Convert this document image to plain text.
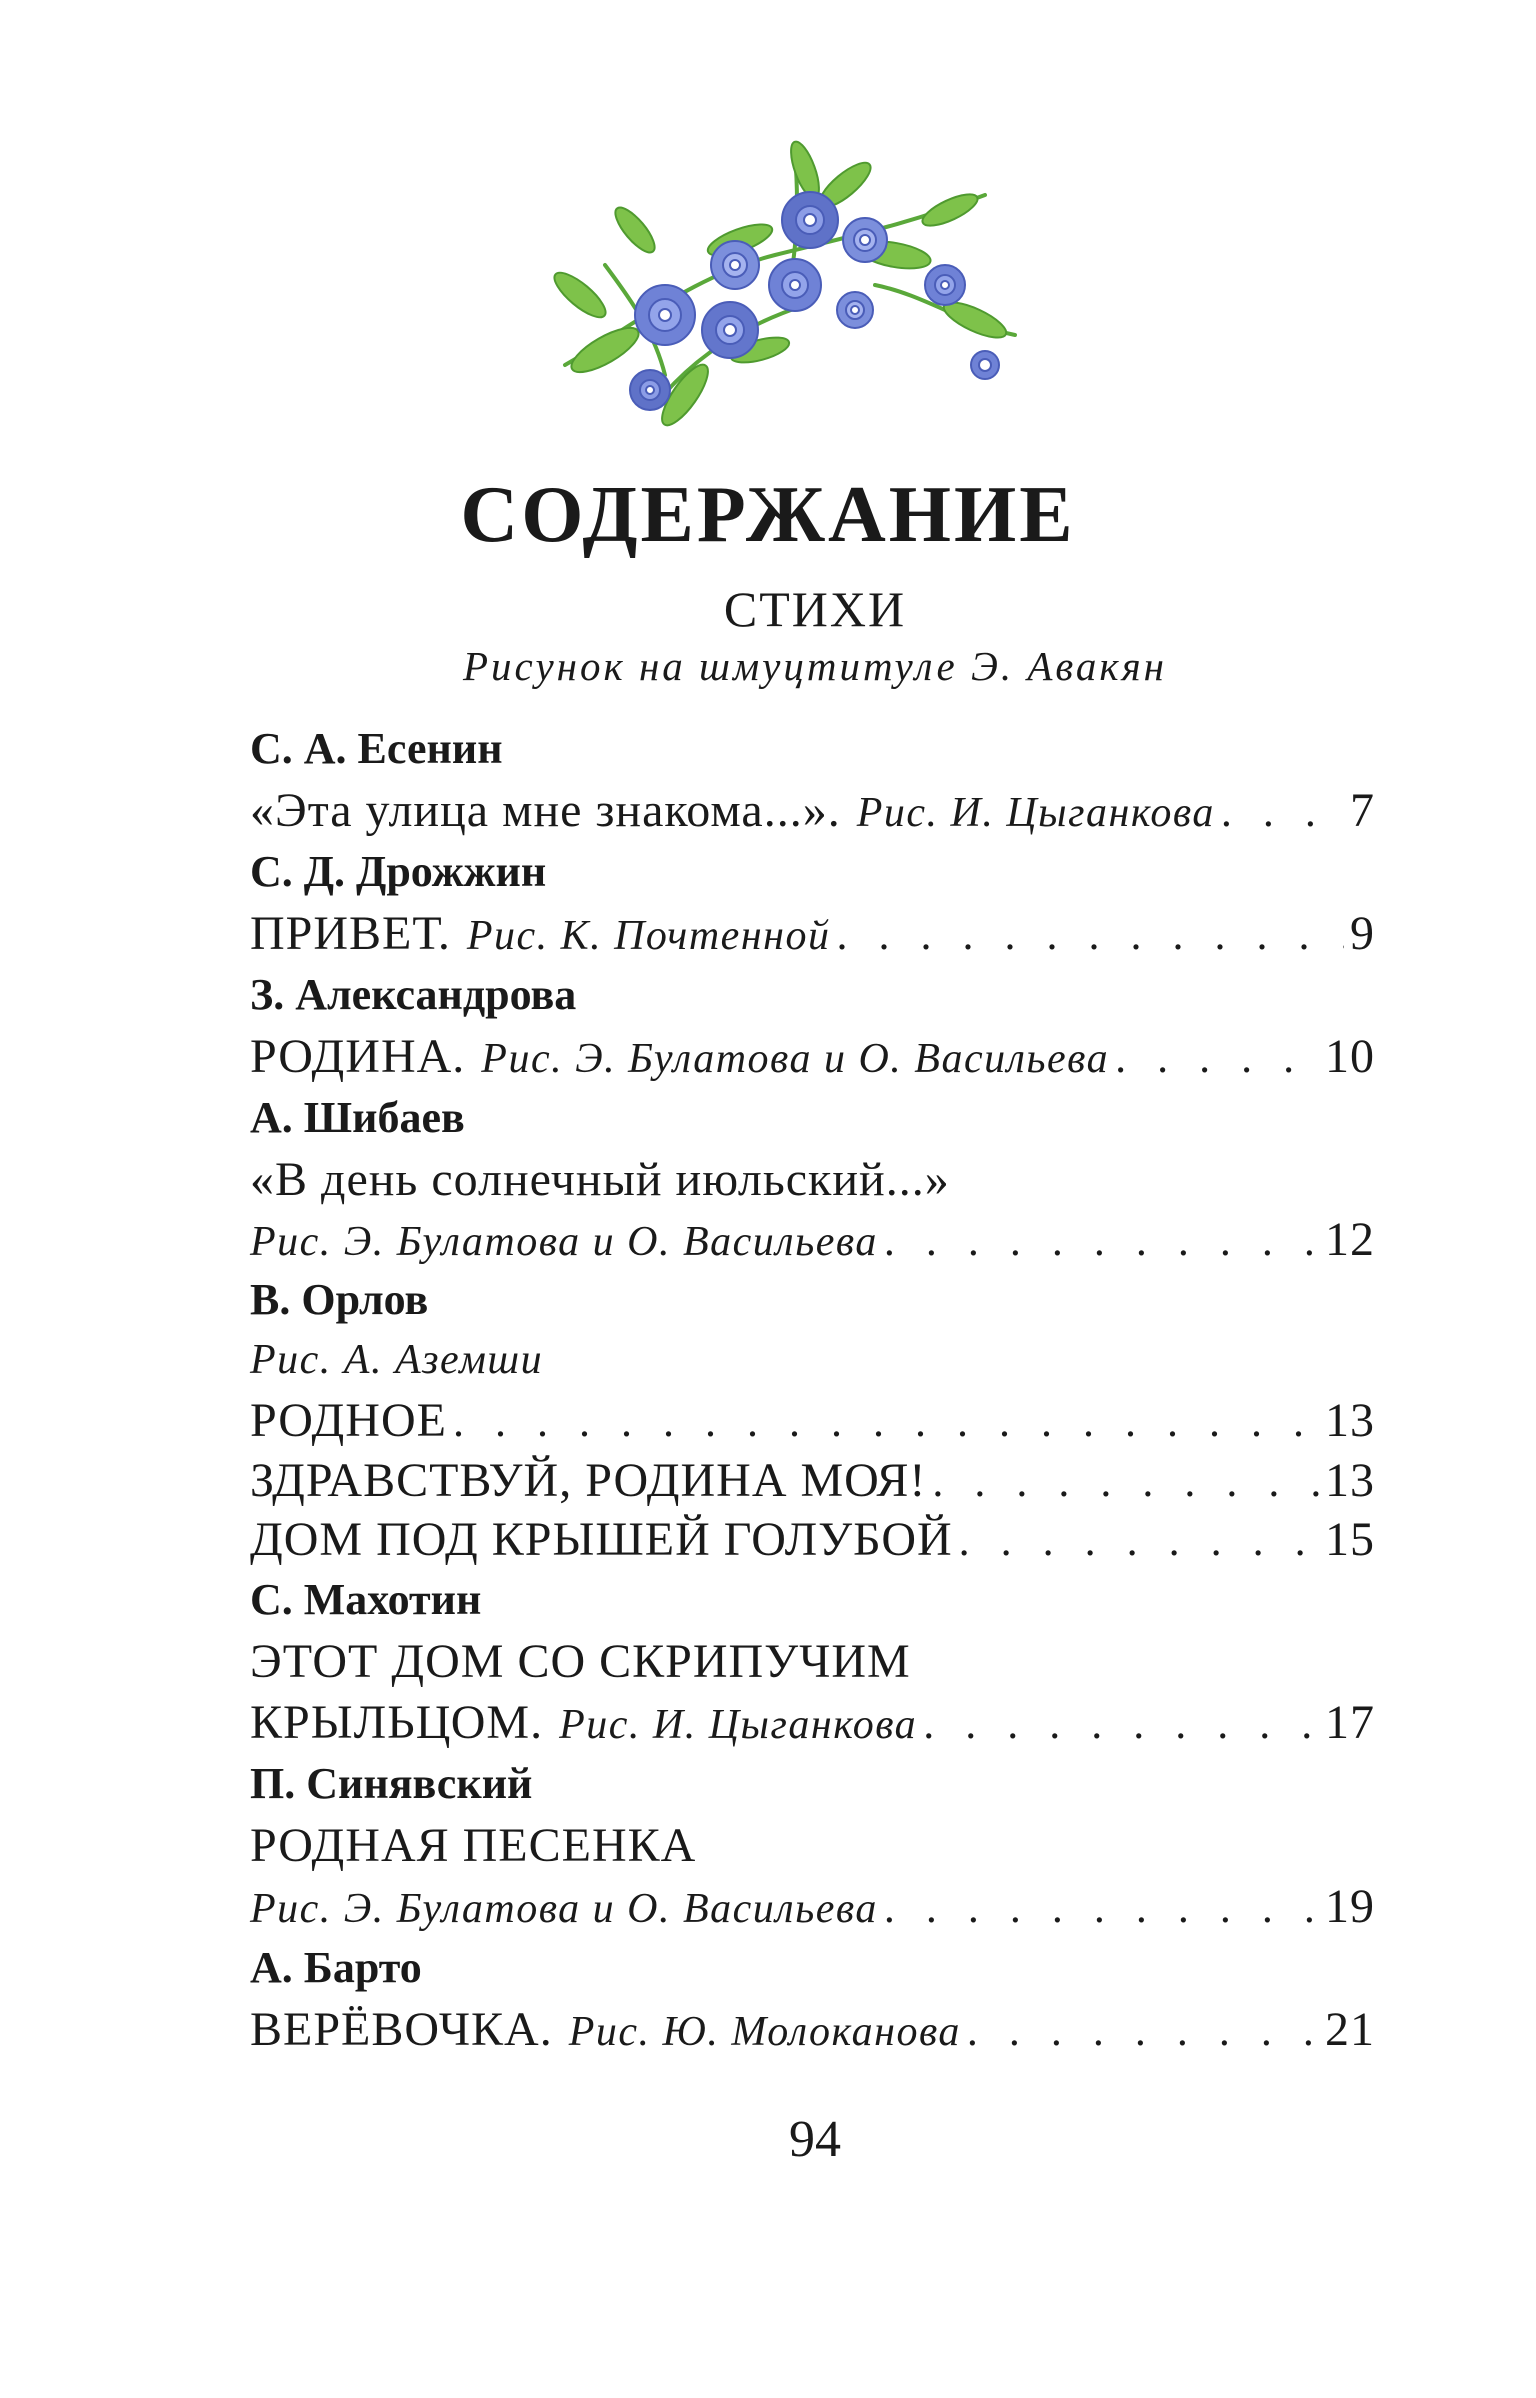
СОДЕРЖАНИЕ
СТИХИ
Рисунок на шмуцтитуле Э. Авакян
С. А. Есенин
«Эта улица мне знакома...». Рис. И. Цыганкова . . .	7
С. Д. Дрожжин
ПРИВЕТ. Рис. К. Почтенной . . .	9
З. Александрова
РОДИНА. Рис. Э. Булатова и О. Васильева . . .	10
А. Шибаев
«В день солнечный июльский...»
Рис. Э. Булатова и О. Васильева . . .	12
В. Орлов
Рис. А. Аземши
РОДНОЕ . . .	13
ЗДРАВСТВУЙ, РОДИНА МОЯ! . . .	13
ДОМ ПОД КРЫШЕЙ ГОЛУБОЙ . . .	15
С. Махотин
ЭТОТ ДОМ СО СКРИПУЧИМ
КРЫЛЬЦОМ. Рис. И. Цыганкова . . .	17
П. Синявский
РОДНАЯ ПЕСЕНКА
Рис. Э. Булатова и О. Васильева . . .	19
А. Барто
ВЕРЁВОЧКА. Рис. Ю. Молоканова . . .	21
94
